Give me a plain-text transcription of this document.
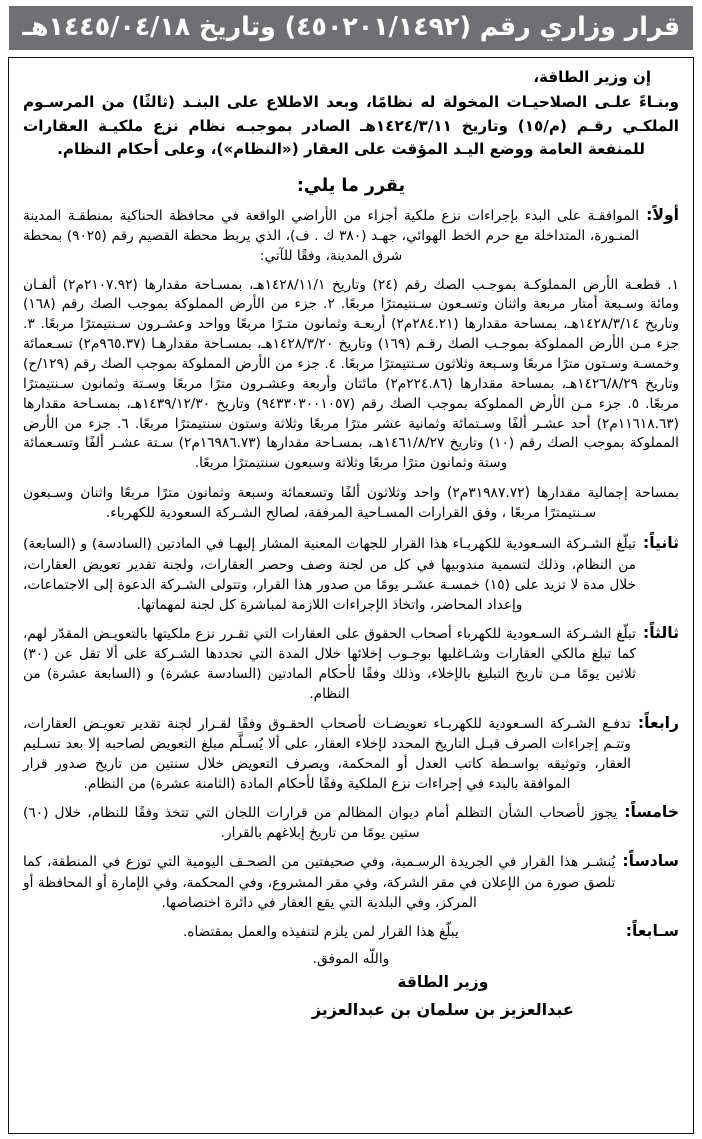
قرار وزاري رقم (٤٥٠٢٠١/١٤٩٢) وتاريخ ١٤٤٥/٠٤/١٨هـ
إن وزير الطاقة،
وبنـاءً علـى الصلاحيـات المخولة له نظامًا، وبعد الاطلاع على البنـد (ثالثًا) من المرسـوم الملكـي رقـم (م/١٥) وتاريخ ١٤٢٤/٣/١١هـ الصادر بموجبـه نظام نزع ملكيـة العقارات للمنفعة العامة ووضع اليـد المؤقت على العقار («النظام»)، وعلى أحكام النظام.
يقرر ما يلي:
أولاً:
الموافقـة على البدء بإجراءات نزع ملكية أجزاء من الأراضي الواقعة في محافظة الحناكية بمنطقـة المدينة المنـورة، المتداخلة مع حرم الخط الهوائي، جهـد (٣٨٠ ك . ف)، الذي يربط محطة القصيم رقم (٩٠٢٥) بمحطة شرق المدينة، وفقًا للآتي:
١. قطعـة الأرض المملوكـة بموجـب الصك رقم (٢٤) وتاريخ ١٤٢٨/١١/١هـ، بمسـاحة مقدارها (٢١٠٧.٩٢م٢) ألفـان ومائة وسـبعة أمتار مربعة واثنان وتسـعون سـنتيمترًا مربعًا. ٢. جزء من الأرض المملوكة بموجب الصك رقم (١٦٨) وتاريخ ١٤٢٨/٣/١٤هـ، بمساحة مقدارها (٢٨٤.٢١م٢) أربعـة وثمانون متـرًا مربعًا وواحد وعشـرون سـنتيمترًا مربعًا. ٣. جزء مـن الأرض المملوكة بموجـب الصك رقـم (١٦٩) وتاريخ ١٤٢٨/٣/٢٠هـ، بمسـاحة مقدارهـا (٩٦٥.٣٧م٢) تسـعمائة وخمسـة وسـتون مترًا مربعًا وسـبعة وثلاثون سـنتيمترًا مربعًا. ٤. جزء من الأرض المملوكة بموجب الصك رقم (١٢٩/ح) وتاريخ ١٤٢٦/٨/٢٩هـ، بمساحة مقدارها (٢٢٤.٨٦م٢) مائتان وأربعة وعشـرون مترًا مربعًا وسـتة وثمانون سـنتيمترًا مربعًا. ٥. جزء مـن الأرض المملوكة بموجب الصك رقم (٩٤٣٣٠٣٠٠١٠٥٧) وتاريخ ١٤٣٩/١٢/٣٠هـ، بمسـاحة مقدارها (١١٦١٨.٦٣م٢) أحد عشـر ألفًا وسـتمائة وثمانية عشر مترًا مربعًا وثلاثة وستون سنتيمترًا مربعًا. ٦. جزء من الأرض المملوكة بموجب الصك رقم (١٠) وتاريخ ١٤٦١/٨/٢٧هـ، بمسـاحة مقدارها (١٦٩٨٦.٧٣م٢) سـتة عشـر ألفًا وتسـعمائة وستة وثمانون مترًا مربعًا وثلاثة وسبعون سنتيمترًا مربعًا.
بمساحة إجمالية مقدارها (٣١٩٨٧.٧٢م٢) واحد وثلاثون ألفًا وتسعمائة وسبعة وثمانون مترًا مربعًا واثنان وسـبعون سـنتيمترًا مربعًا ، وفق القرارات المسـاحية المرفقة، لصالح الشـركة السعودية للكهرباء.
ثانياً:
تبلّغ الشـركة السـعودية للكهربـاء هذا القرار للجهات المعنية المشار إليهـا في المادتين (السادسة) و (السابعة) من النظام، وذلك لتسمية مندوبيها في كل من لجنة وصف وحصر العقارات، ولجنة تقدير تعويض العقارات، خلال مدة لا تزيد على (١٥) خمسـة عشـر يومًا من صدور هذا القرار، وتتولى الشـركة الدعوة إلى الاجتماعات، وإعداد المحاضر، واتخاذ الإجراءات اللازمة لمباشرة كل لجنة لمهماتها.
ثالثاً:
تبلّغ الشـركة السـعودية للكهرباء أصحاب الحقوق على العقارات التي تقـرر نزع ملكيتها بالتعويـض المقدّر لهم، كما تبلغ مالكي العقارات وشـاغليها بوجـوب إخلائها خلال المدة التي تحددها الشـركة على ألا تقل عن (٣٠) ثلاثين يومًا مـن تاريخ التبليغ بالإخلاء، وذلك وفقًا لأحكام المادتين (السادسة عشرة) و (السابعة عشرة) من النظام.
رابعاً:
تدفـع الشـركة السـعودية للكهربـاء تعويضـات لأصحاب الحقـوق وفقًا لقـرار لجنة تقدير تعويـض العقارات، وتتـم إجراءات الصرف قبـل التاريخ المحدد لإخلاء العقار، على ألا يُسـلَّم مبلغ التعويض لصاحبه إلا بعد تسـليم العقار، وتوثيقه بواسـطة كاتب العدل أو المحكمة، ويصرف التعويض خلال سنتين من تاريخ صدور قرار الموافقة بالبدء في إجراءات نزع الملكية وفقًا لأحكام المادة (الثامنة عشرة) من النظام.
خامساً:
يجوز لأصحاب الشأن التظلم أمام ديوان المظالم من قرارات اللجان التي تتخذ وفقًا للنظام، خلال (٦٠) ستين يومًا من تاريخ إبلاغهم بالقرار.
سادساً:
يُنشـر هذا القرار في الجريدة الرسـمية، وفي صحيفتين من الصحـف اليومية التي توزع في المنطقة، كما تلصق صورة من الإعلان في مقر الشركة، وفي مقر المشروع، وفي المحكمة، وفي الإمارة أو المحافظة أو المركز، وفي البلدية التي يقع العقار في دائرة اختصاصها.
سـابعاً:
يبلّغ هذا القرار لمن يلزم لتنفيذه والعمل بمقتضاه.
واللّه الموفق.
وزير الطاقة
عبدالعزيز بن سلمان بن عبدالعزيز
